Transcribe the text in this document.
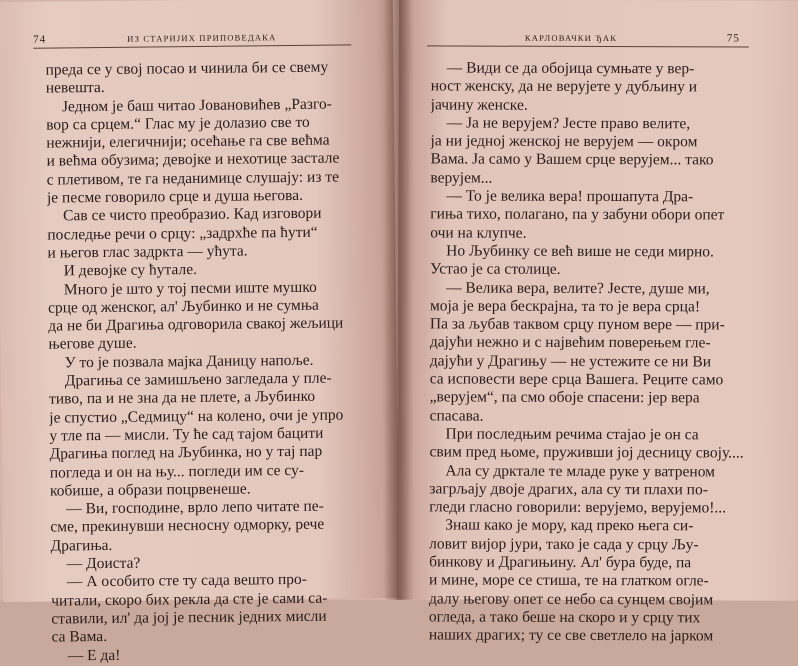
74	ИЗ СТАРИЈИХ ПРИПОВЕДАКА

преда се у свој посао и чинила би се свему

невешта.

Једном је баш читао Јовановићев „Разго-

вор са срцем.“ Глас му је долазио све то

нежнији, елегичнији; осећање га све већма

и већма обузима; девојке и нехотице застале

с плетивом, те га неданимице слушају: из те

је песме говорило срце и душа његова.

Сав се чисто преобразио. Кад изговори

последње речи о срцу: „задрхће па ћути“

и његов глас задркта — ућута.

И девојке су ћутале.

Много је што у тој песми иште мушко

срце од женског, ал' Љубинко и не сумња

да не би Драгиња одговорила свакој жељици

његове душе.

У то је позвала мајка Даницу напоље.

Драгиња се замишљено загледала у пле-

тиво, па и не зна да не плете, а Љубинко

је спустио „Седмицу“ на колено, очи је упро

у тле па — мисли. Ту ће сад тајом бацити

Драгиња поглед на Љубинка, но у тај пар

погледа и он на њу... погледи им се су-

кобише, а образи поцрвенеше.

— Ви, господине, врло лепо читате пе-

сме, прекинувши несносну одморку, рече

Драгиња.

— Доиста?

— А особито сте ту сада вешто про-

читали, скоро бих рекла да сте је сами са-

ставили, ил' да јој је песник једних мисли

са Вама.

— Е да!

КАРЛОВАЧКИ ЂАК	75

— Види се да обојица сумњате у вер-

ност женску, да не верујете у дубљину и

јачину женске.

— Ја не верујем? Јесте право велите,

ја ни једној женској не верујем — окром

Вама. Ја само у Вашем срце верујем... тако

верујем...

— То је велика вера! прошапута Дра-

гиња тихо, полагано, па у забуни обори опет

очи на клупче.

Но Љубинку се већ више не седи мирно.

Устао је са столице.

— Велика вера, велите? Јесте, душе ми,

моја је вера бескрајна, та то је вера срца!

Па за љубав таквом срцу пуном вере — при-

дајући нежно и с највећим поверењем гле-

дајући у Драгињу — не устежите се ни Ви

са исповести вере срца Вашега. Реците само

„верујем“, па смо обоје спасени: јер вера

спасава.

При последњим речима стајао је он са

свим пред њоме, пруживши јој десницу своју....

Ала су дрктале те младе руке у ватреном

загрљају двоје драгих, ала су ти плахи по-

гледи гласно говорили: верујемо, верујемо!...

Знаш како је мору, кад преко њега си-

ловит вијор јури, тако је сада у срцу Љу-

бинкову и Драгињину. Ал' бура буде, па

и мине, море се стиша, те на глатком огле-

далу његову опет се небо са сунцем својим

огледа, а тако беше на скоро и у срцу тих

наших драгих; ту се све светлело на јарком
